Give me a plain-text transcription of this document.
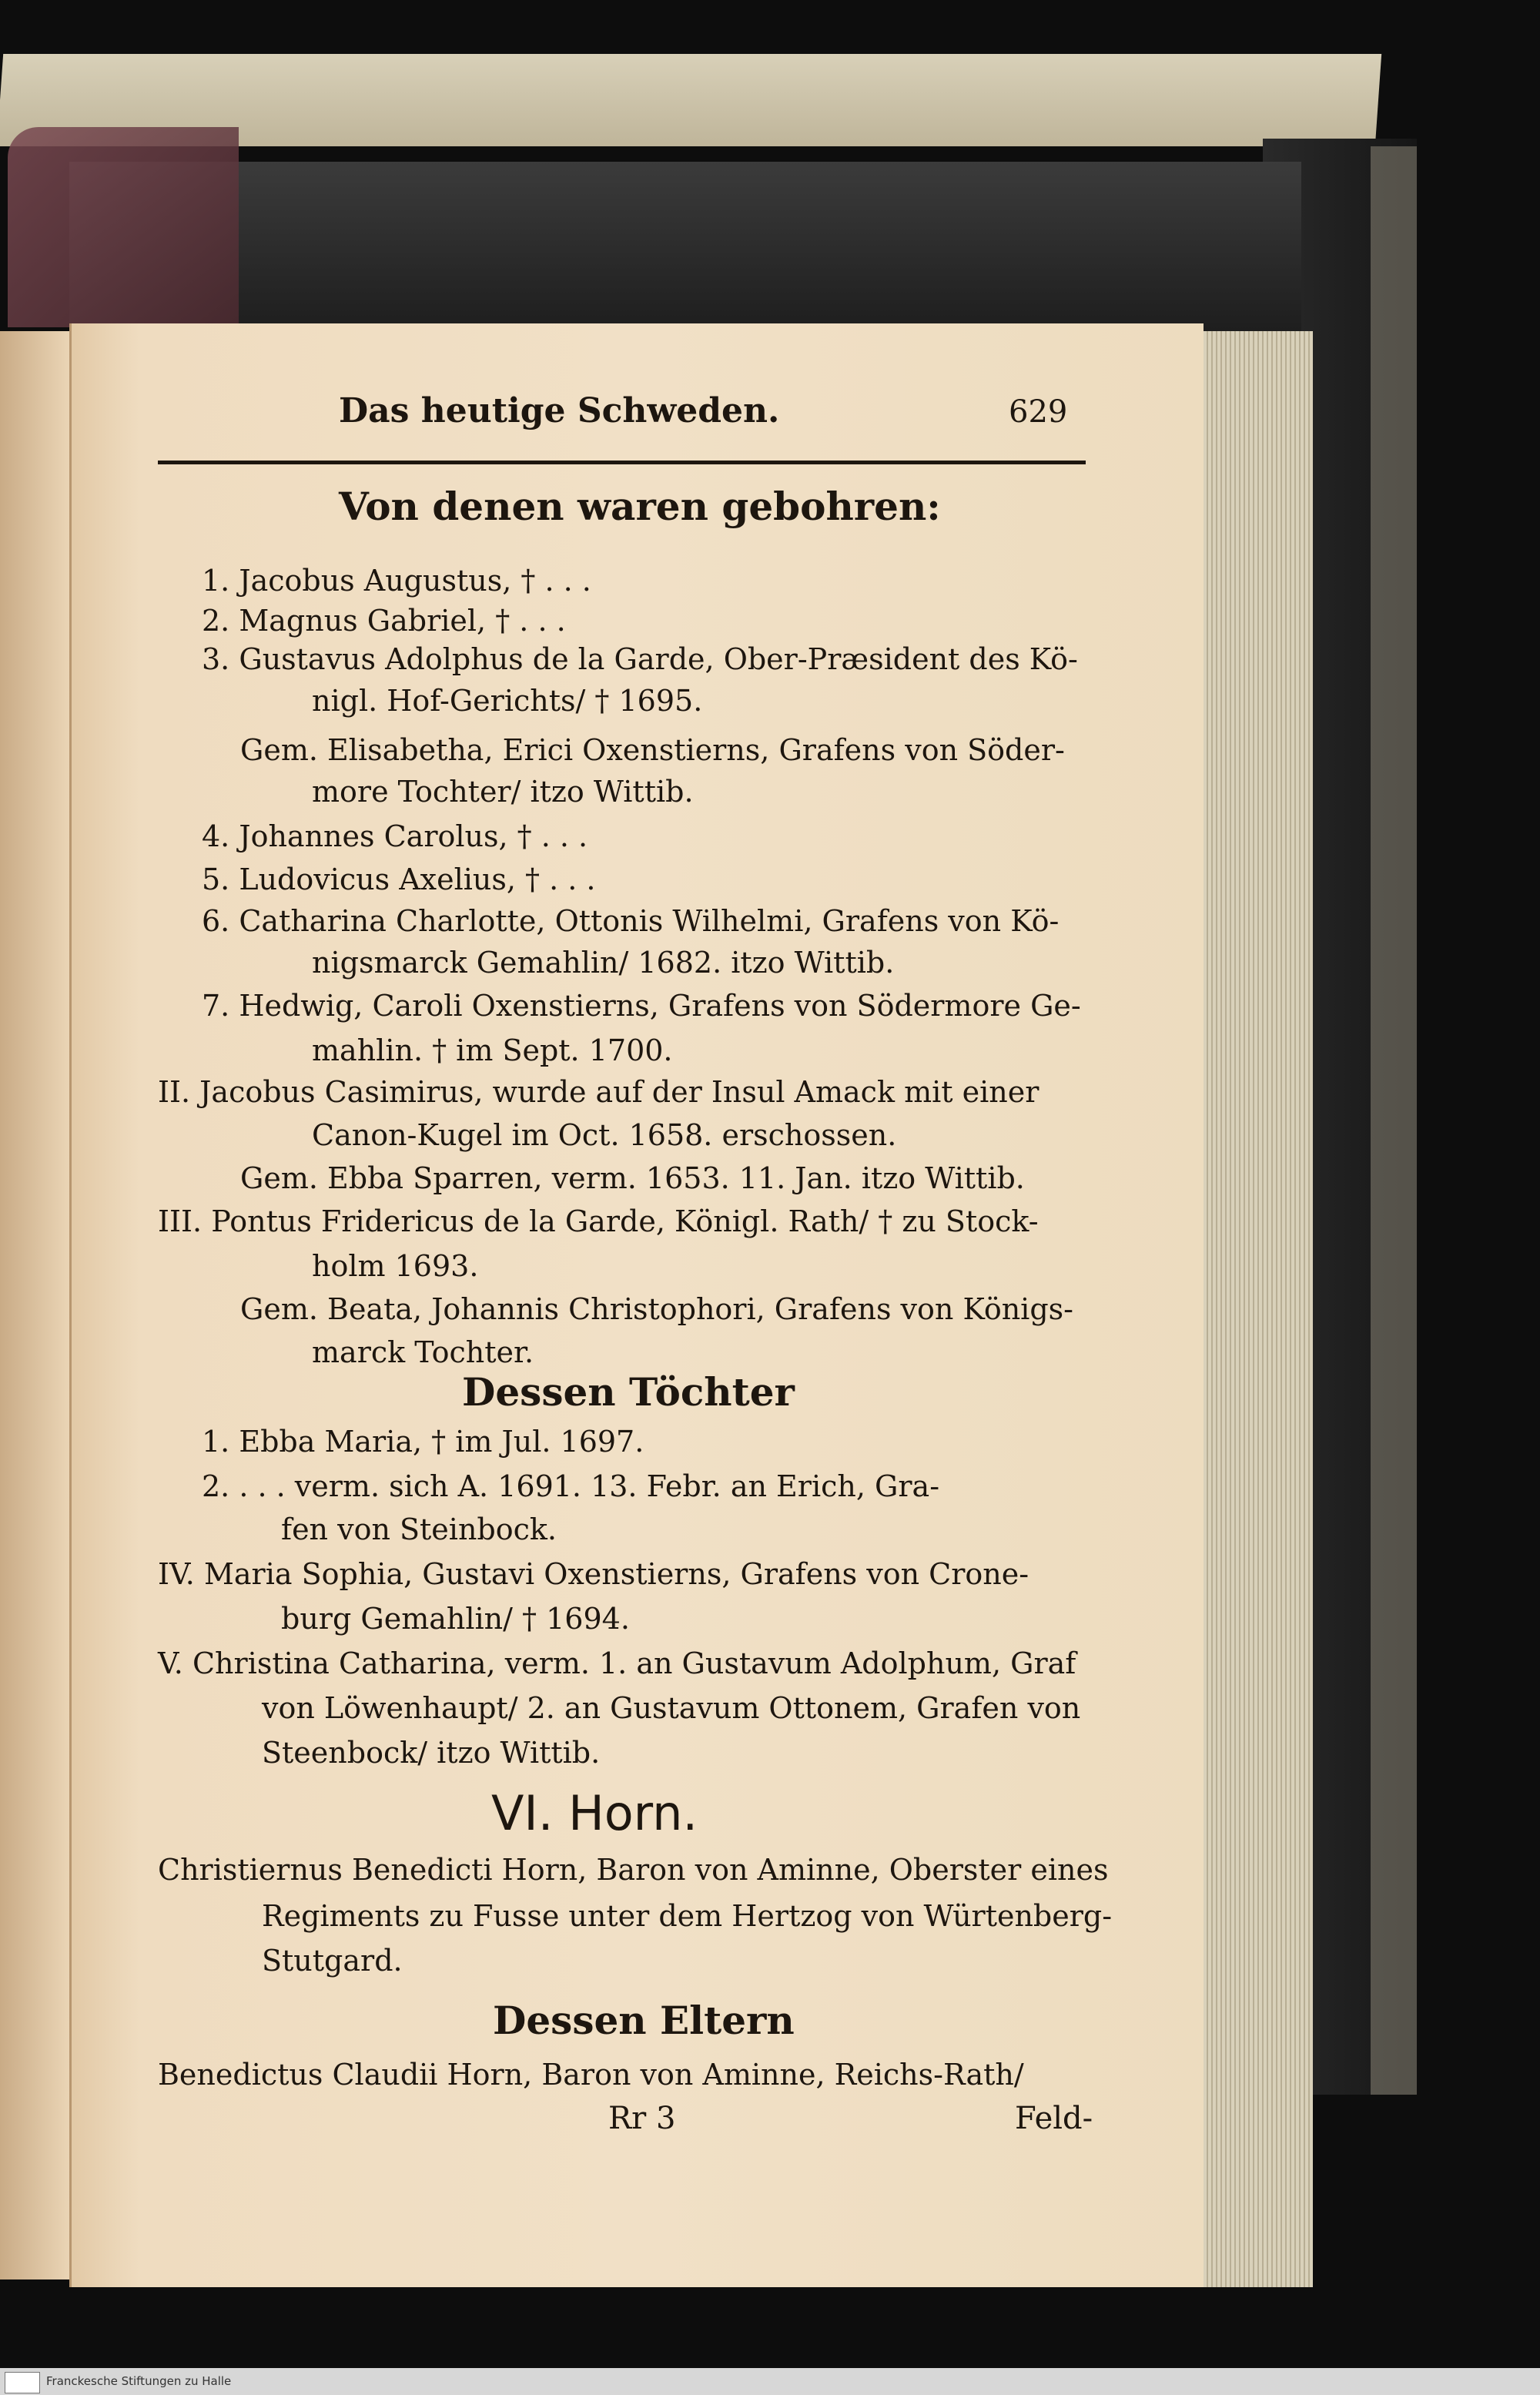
Das heutige Schweden.	629
Von denen waren gebohren:
1. Jacobus Augustus, † . . .
2. Magnus Gabriel, † . . .
3. Gustavus Adolphus de la Garde, Ober-Præsident des Kö-
nigl. Hof-Gerichts/ † 1695.
Gem. Elisabetha, Erici Oxenstierns, Grafens von Söder-
more Tochter/ itzo Wittib.
4. Johannes Carolus, † . . .
5. Ludovicus Axelius, † . . .
6. Catharina Charlotte, Ottonis Wilhelmi, Grafens von Kö-
nigsmarck Gemahlin/ 1682. itzo Wittib.
7. Hedwig, Caroli Oxenstierns, Grafens von Södermore Ge-
mahlin. † im Sept. 1700.
II. Jacobus Casimirus, wurde auf der Insul Amack mit einer
Canon-Kugel im Oct. 1658. erschossen.
Gem. Ebba Sparren, verm. 1653. 11. Jan. itzo Wittib.
III. Pontus Fridericus de la Garde, Königl. Rath/ † zu Stock-
holm 1693.
Gem. Beata, Johannis Christophori, Grafens von Königs-
marck Tochter.
Dessen Töchter
1. Ebba Maria, † im Jul. 1697.
2. . . . verm. sich A. 1691. 13. Febr. an Erich, Gra-
fen von Steinbock.
IV. Maria Sophia, Gustavi Oxenstierns, Grafens von Crone-
burg Gemahlin/ † 1694.
V. Christina Catharina, verm. 1. an Gustavum Adolphum, Graf
von Löwenhaupt/ 2. an Gustavum Ottonem, Grafen von
Steenbock/ itzo Wittib.
VI. Horn.
Christiernus Benedicti Horn, Baron von Aminne, Oberster eines
Regiments zu Fusse unter dem Hertzog von Würtenberg-
Stutgard.
Dessen Eltern
Benedictus Claudii Horn, Baron von Aminne, Reichs-Rath/
Feld-
Rr 3
Franckesche Stiftungen zu Halle
